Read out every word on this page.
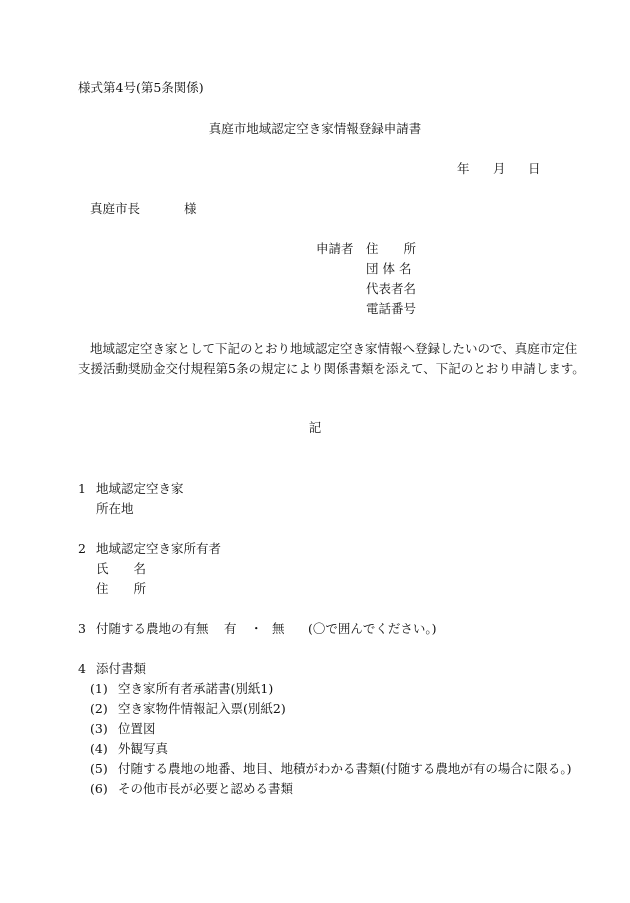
様式第4号(第5条関係)
真庭市地域認定空き家情報登録申請書
年 月 日
真庭市長	様
申請者 住　　所
団 体 名
代表者名
電話番号
地域認定空き家として下記のとおり地域認定空き家情報へ登録したいので、真庭市定住
支援活動奨励金交付規程第5条の規定により関係書類を添えて、下記のとおり申請します。
記
1 地域認定空き家
所在地
2 地域認定空き家所有者
氏　　名
住　　所
3 付随する農地の有無 有 ・ 無 (〇で囲んでください。)
4 添付書類
(1) 空き家所有者承諾書(別紙1)
(2) 空き家物件情報記入票(別紙2)
(3) 位置図
(4) 外観写真
(5) 付随する農地の地番、地目、地積がわかる書類(付随する農地が有の場合に限る。)
(6) その他市長が必要と認める書類
